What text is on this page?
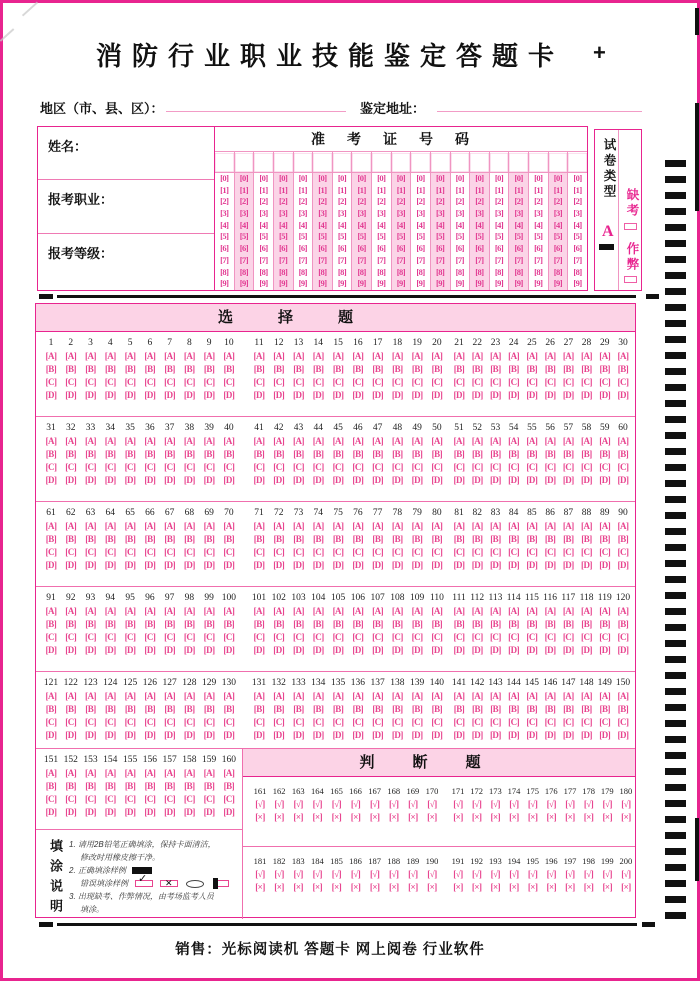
消防行业职业技能鉴定答题卡	+
地区（市、县、区）：	鉴定地址：
姓名：
报考职业：
报考等级：
准考证号码
[0]
[1]
[2]
[3]
[4]
[5]
[6]
[7]
[8]
[9]
[0]
[1]
[2]
[3]
[4]
[5]
[6]
[7]
[8]
[9]
[0]
[1]
[2]
[3]
[4]
[5]
[6]
[7]
[8]
[9]
[0]
[1]
[2]
[3]
[4]
[5]
[6]
[7]
[8]
[9]
[0]
[1]
[2]
[3]
[4]
[5]
[6]
[7]
[8]
[9]
[0]
[1]
[2]
[3]
[4]
[5]
[6]
[7]
[8]
[9]
[0]
[1]
[2]
[3]
[4]
[5]
[6]
[7]
[8]
[9]
[0]
[1]
[2]
[3]
[4]
[5]
[6]
[7]
[8]
[9]
[0]
[1]
[2]
[3]
[4]
[5]
[6]
[7]
[8]
[9]
[0]
[1]
[2]
[3]
[4]
[5]
[6]
[7]
[8]
[9]
[0]
[1]
[2]
[3]
[4]
[5]
[6]
[7]
[8]
[9]
[0]
[1]
[2]
[3]
[4]
[5]
[6]
[7]
[8]
[9]
[0]
[1]
[2]
[3]
[4]
[5]
[6]
[7]
[8]
[9]
[0]
[1]
[2]
[3]
[4]
[5]
[6]
[7]
[8]
[9]
[0]
[1]
[2]
[3]
[4]
[5]
[6]
[7]
[8]
[9]
[0]
[1]
[2]
[3]
[4]
[5]
[6]
[7]
[8]
[9]
[0]
[1]
[2]
[3]
[4]
[5]
[6]
[7]
[8]
[9]
[0]
[1]
[2]
[3]
[4]
[5]
[6]
[7]
[8]
[9]
[0]
[1]
[2]
[3]
[4]
[5]
[6]
[7]
[8]
[9]
试卷类型
A
缺考
作弊
选择题
1
[A]
[B]
[C]
[D]
2
[A]
[B]
[C]
[D]
3
[A]
[B]
[C]
[D]
4
[A]
[B]
[C]
[D]
5
[A]
[B]
[C]
[D]
6
[A]
[B]
[C]
[D]
7
[A]
[B]
[C]
[D]
8
[A]
[B]
[C]
[D]
9
[A]
[B]
[C]
[D]
10
[A]
[B]
[C]
[D]
11
[A]
[B]
[C]
[D]
12
[A]
[B]
[C]
[D]
13
[A]
[B]
[C]
[D]
14
[A]
[B]
[C]
[D]
15
[A]
[B]
[C]
[D]
16
[A]
[B]
[C]
[D]
17
[A]
[B]
[C]
[D]
18
[A]
[B]
[C]
[D]
19
[A]
[B]
[C]
[D]
20
[A]
[B]
[C]
[D]
21
[A]
[B]
[C]
[D]
22
[A]
[B]
[C]
[D]
23
[A]
[B]
[C]
[D]
24
[A]
[B]
[C]
[D]
25
[A]
[B]
[C]
[D]
26
[A]
[B]
[C]
[D]
27
[A]
[B]
[C]
[D]
28
[A]
[B]
[C]
[D]
29
[A]
[B]
[C]
[D]
30
[A]
[B]
[C]
[D]
31
[A]
[B]
[C]
[D]
32
[A]
[B]
[C]
[D]
33
[A]
[B]
[C]
[D]
34
[A]
[B]
[C]
[D]
35
[A]
[B]
[C]
[D]
36
[A]
[B]
[C]
[D]
37
[A]
[B]
[C]
[D]
38
[A]
[B]
[C]
[D]
39
[A]
[B]
[C]
[D]
40
[A]
[B]
[C]
[D]
41
[A]
[B]
[C]
[D]
42
[A]
[B]
[C]
[D]
43
[A]
[B]
[C]
[D]
44
[A]
[B]
[C]
[D]
45
[A]
[B]
[C]
[D]
46
[A]
[B]
[C]
[D]
47
[A]
[B]
[C]
[D]
48
[A]
[B]
[C]
[D]
49
[A]
[B]
[C]
[D]
50
[A]
[B]
[C]
[D]
51
[A]
[B]
[C]
[D]
52
[A]
[B]
[C]
[D]
53
[A]
[B]
[C]
[D]
54
[A]
[B]
[C]
[D]
55
[A]
[B]
[C]
[D]
56
[A]
[B]
[C]
[D]
57
[A]
[B]
[C]
[D]
58
[A]
[B]
[C]
[D]
59
[A]
[B]
[C]
[D]
60
[A]
[B]
[C]
[D]
61
[A]
[B]
[C]
[D]
62
[A]
[B]
[C]
[D]
63
[A]
[B]
[C]
[D]
64
[A]
[B]
[C]
[D]
65
[A]
[B]
[C]
[D]
66
[A]
[B]
[C]
[D]
67
[A]
[B]
[C]
[D]
68
[A]
[B]
[C]
[D]
69
[A]
[B]
[C]
[D]
70
[A]
[B]
[C]
[D]
71
[A]
[B]
[C]
[D]
72
[A]
[B]
[C]
[D]
73
[A]
[B]
[C]
[D]
74
[A]
[B]
[C]
[D]
75
[A]
[B]
[C]
[D]
76
[A]
[B]
[C]
[D]
77
[A]
[B]
[C]
[D]
78
[A]
[B]
[C]
[D]
79
[A]
[B]
[C]
[D]
80
[A]
[B]
[C]
[D]
81
[A]
[B]
[C]
[D]
82
[A]
[B]
[C]
[D]
83
[A]
[B]
[C]
[D]
84
[A]
[B]
[C]
[D]
85
[A]
[B]
[C]
[D]
86
[A]
[B]
[C]
[D]
87
[A]
[B]
[C]
[D]
88
[A]
[B]
[C]
[D]
89
[A]
[B]
[C]
[D]
90
[A]
[B]
[C]
[D]
91
[A]
[B]
[C]
[D]
92
[A]
[B]
[C]
[D]
93
[A]
[B]
[C]
[D]
94
[A]
[B]
[C]
[D]
95
[A]
[B]
[C]
[D]
96
[A]
[B]
[C]
[D]
97
[A]
[B]
[C]
[D]
98
[A]
[B]
[C]
[D]
99
[A]
[B]
[C]
[D]
100
[A]
[B]
[C]
[D]
101
[A]
[B]
[C]
[D]
102
[A]
[B]
[C]
[D]
103
[A]
[B]
[C]
[D]
104
[A]
[B]
[C]
[D]
105
[A]
[B]
[C]
[D]
106
[A]
[B]
[C]
[D]
107
[A]
[B]
[C]
[D]
108
[A]
[B]
[C]
[D]
109
[A]
[B]
[C]
[D]
110
[A]
[B]
[C]
[D]
111
[A]
[B]
[C]
[D]
112
[A]
[B]
[C]
[D]
113
[A]
[B]
[C]
[D]
114
[A]
[B]
[C]
[D]
115
[A]
[B]
[C]
[D]
116
[A]
[B]
[C]
[D]
117
[A]
[B]
[C]
[D]
118
[A]
[B]
[C]
[D]
119
[A]
[B]
[C]
[D]
120
[A]
[B]
[C]
[D]
121
[A]
[B]
[C]
[D]
122
[A]
[B]
[C]
[D]
123
[A]
[B]
[C]
[D]
124
[A]
[B]
[C]
[D]
125
[A]
[B]
[C]
[D]
126
[A]
[B]
[C]
[D]
127
[A]
[B]
[C]
[D]
128
[A]
[B]
[C]
[D]
129
[A]
[B]
[C]
[D]
130
[A]
[B]
[C]
[D]
131
[A]
[B]
[C]
[D]
132
[A]
[B]
[C]
[D]
133
[A]
[B]
[C]
[D]
134
[A]
[B]
[C]
[D]
135
[A]
[B]
[C]
[D]
136
[A]
[B]
[C]
[D]
137
[A]
[B]
[C]
[D]
138
[A]
[B]
[C]
[D]
139
[A]
[B]
[C]
[D]
140
[A]
[B]
[C]
[D]
141
[A]
[B]
[C]
[D]
142
[A]
[B]
[C]
[D]
143
[A]
[B]
[C]
[D]
144
[A]
[B]
[C]
[D]
145
[A]
[B]
[C]
[D]
146
[A]
[B]
[C]
[D]
147
[A]
[B]
[C]
[D]
148
[A]
[B]
[C]
[D]
149
[A]
[B]
[C]
[D]
150
[A]
[B]
[C]
[D]
151
[A]
[B]
[C]
[D]
152
[A]
[B]
[C]
[D]
153
[A]
[B]
[C]
[D]
154
[A]
[B]
[C]
[D]
155
[A]
[B]
[C]
[D]
156
[A]
[B]
[C]
[D]
157
[A]
[B]
[C]
[D]
158
[A]
[B]
[C]
[D]
159
[A]
[B]
[C]
[D]
160
[A]
[B]
[C]
[D]
填涂说明 1. 请用2B铅笔正确填涂，保持卡面清洁，
修改时用橡皮擦干净。
2. 正确填涂样例
错误填涂样例 ✓ ✕
3. 出现缺考、作弊情况，由考场监考人员
填涂。
判断题
161
[√]
[×]
162
[√]
[×]
163
[√]
[×]
164
[√]
[×]
165
[√]
[×]
166
[√]
[×]
167
[√]
[×]
168
[√]
[×]
169
[√]
[×]
170
[√]
[×]
171
[√]
[×]
172
[√]
[×]
173
[√]
[×]
174
[√]
[×]
175
[√]
[×]
176
[√]
[×]
177
[√]
[×]
178
[√]
[×]
179
[√]
[×]
180
[√]
[×]
181
[√]
[×]
182
[√]
[×]
183
[√]
[×]
184
[√]
[×]
185
[√]
[×]
186
[√]
[×]
187
[√]
[×]
188
[√]
[×]
189
[√]
[×]
190
[√]
[×]
191
[√]
[×]
192
[√]
[×]
193
[√]
[×]
194
[√]
[×]
195
[√]
[×]
196
[√]
[×]
197
[√]
[×]
198
[√]
[×]
199
[√]
[×]
200
[√]
[×]
销售：光标阅读机 答题卡 网上阅卷 行业软件
